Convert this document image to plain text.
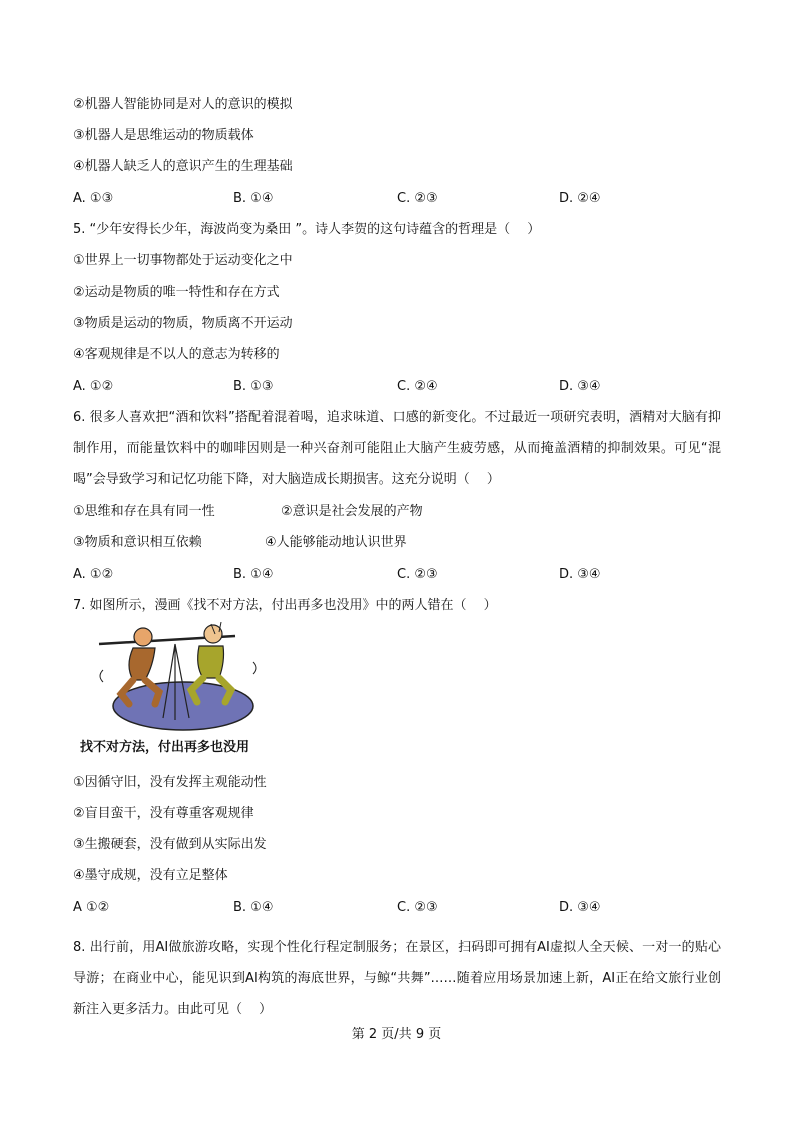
②机器人智能协同是对人的意识的模拟
③机器人是思维运动的物质载体
④机器人缺乏人的意识产生的生理基础
A. ①③	B. ①④	C. ②③	D. ②④
5. “少年安得长少年，海波尚变为桑田 ”。诗人李贺的这句诗蕴含的哲理是（　 ）
①世界上一切事物都处于运动变化之中
②运动是物质的唯一特性和存在方式
③物质是运动的物质，物质离不开运动
④客观规律是不以人的意志为转移的
A. ①②	B. ①③	C. ②④	D. ③④
6. 很多人喜欢把“酒和饮料”搭配着混着喝，追求味道、口感的新变化。不过最近一项研究表明，酒精对大脑有抑制作用，而能量饮料中的咖啡因则是一种兴奋剂可能阻止大脑产生疲劳感，从而掩盖酒精的抑制效果。可见“混喝”会导致学习和记忆功能下降，对大脑造成长期损害。这充分说明（　 ）
①思维和存在具有同一性	②意识是社会发展的产物
③物质和意识相互依赖	④人能够能动地认识世界
A. ①②	B. ①④	C. ②③	D. ③④
7. 如图所示，漫画《找不对方法，付出再多也没用》中的两人错在（　 ）
找不对方法，付出再多也没用
①因循守旧，没有发挥主观能动性
②盲目蛮干，没有尊重客观规律
③生搬硬套，没有做到从实际出发
④墨守成规，没有立足整体
A ①②	B. ①④	C. ②③	D. ③④
8. 出行前，用AI做旅游攻略，实现个性化行程定制服务；在景区，扫码即可拥有AI虚拟人全天候、一对一的贴心导游；在商业中心，能见识到AI构筑的海底世界，与鲸“共舞”……随着应用场景加速上新，AI正在给文旅行业创新注入更多活力。由此可见（　 ）
第 2 页/共 9 页
